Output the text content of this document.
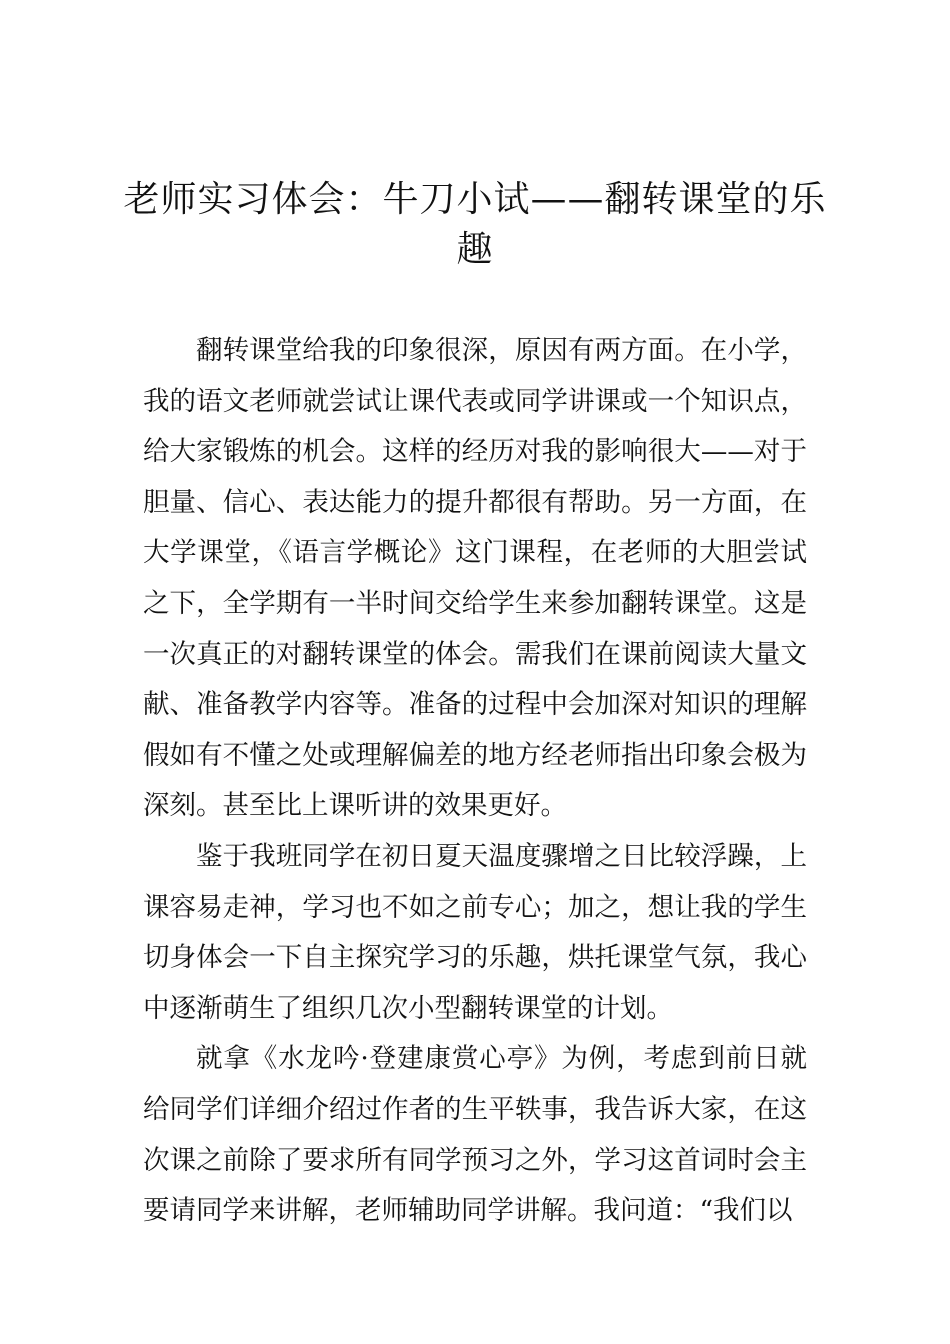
老师实习体会：牛刀小试——翻转课堂的乐趣

翻转课堂给我的印象很深，原因有两方面。在小学，我的语文老师就尝试让课代表或同学讲课或一个知识点，给大家锻炼的机会。这样的经历对我的影响很大——对于胆量、信心、表达能力的提升都很有帮助。另一方面，在大学课堂，《语言学概论》这门课程，在老师的大胆尝试之下，全学期有一半时间交给学生来参加翻转课堂。这是一次真正的对翻转课堂的体会。需我们在课前阅读大量文献、准备教学内容等。准备的过程中会加深对知识的理解假如有不懂之处或理解偏差的地方经老师指出印象会极为深刻。甚至比上课听讲的效果更好。

鉴于我班同学在初日夏天温度骤增之日比较浮躁，上课容易走神，学习也不如之前专心；加之，想让我的学生切身体会一下自主探究学习的乐趣，烘托课堂气氛，我心中逐渐萌生了组织几次小型翻转课堂的计划。

就拿《水龙吟·登建康赏心亭》为例，考虑到前日就给同学们详细介绍过作者的生平轶事，我告诉大家，在这次课之前除了要求所有同学预习之外，学习这首词时会主要请同学来讲解，老师辅助同学讲解。我问道：“我们以
